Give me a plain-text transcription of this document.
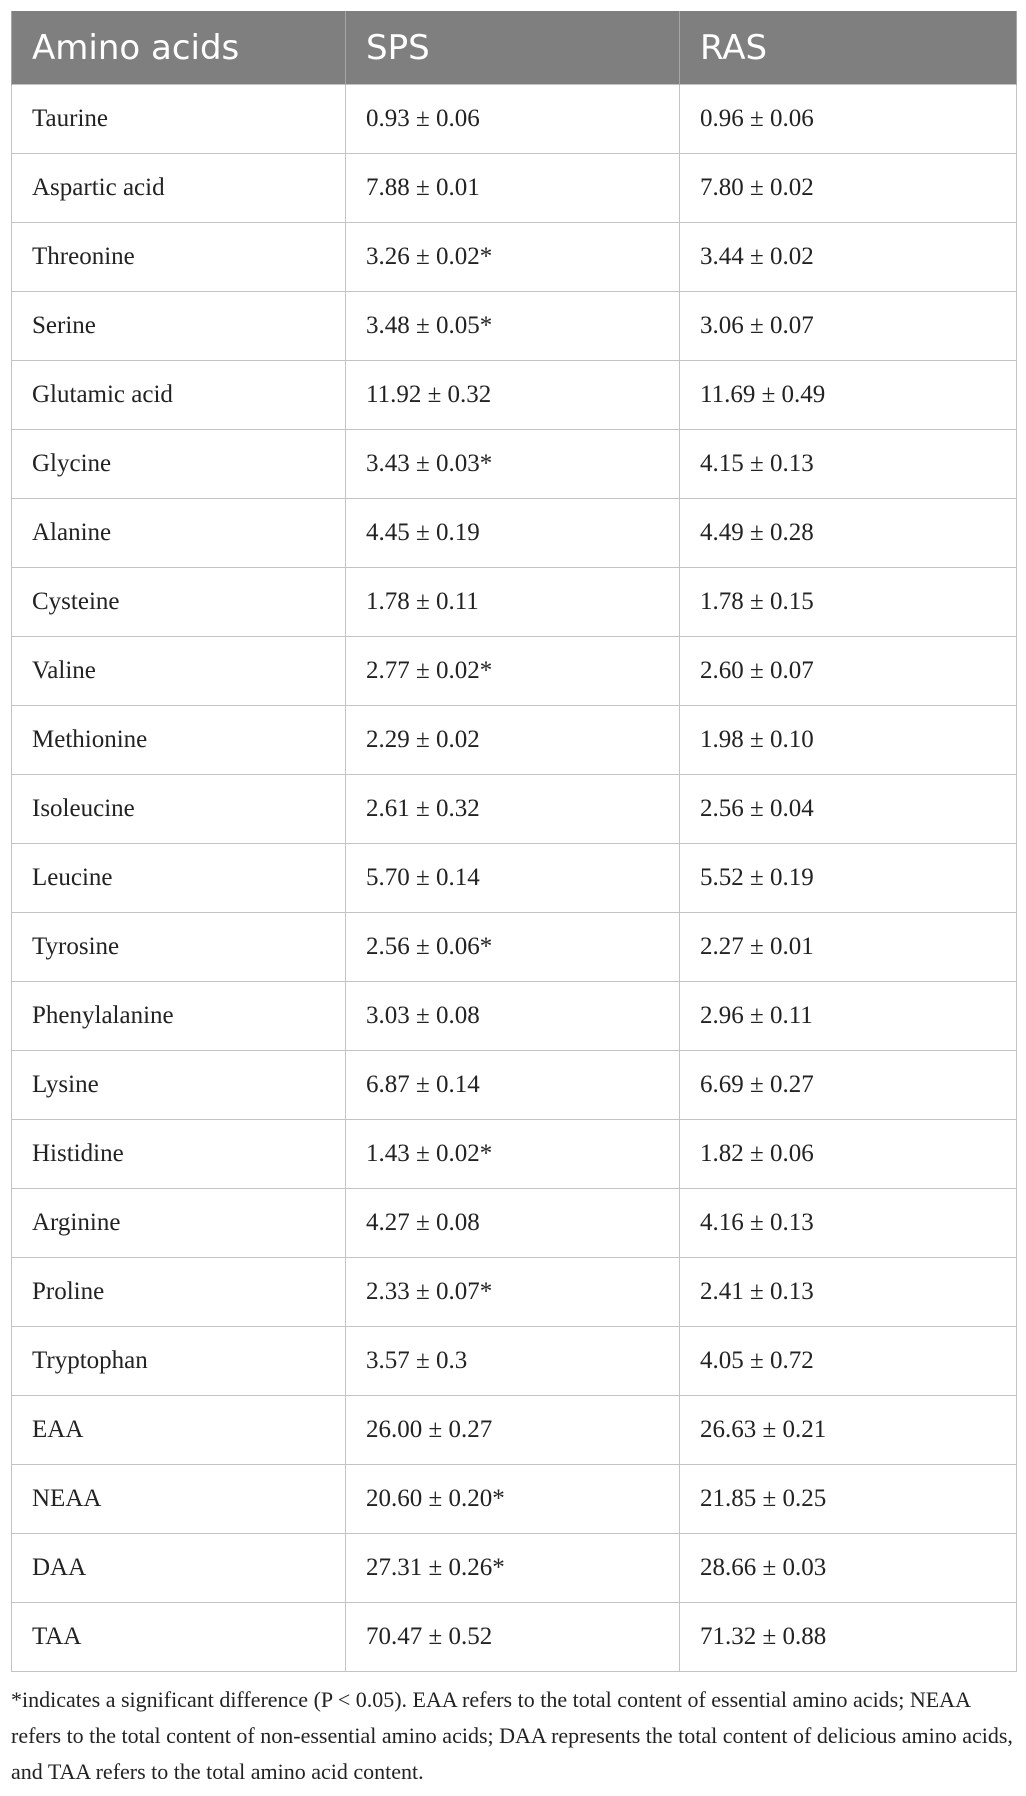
Amino acids	SPS	RAS
Taurine	0.93 ± 0.06	0.96 ± 0.06
Aspartic acid	7.88 ± 0.01	7.80 ± 0.02
Threonine	3.26 ± 0.02*	3.44 ± 0.02
Serine	3.48 ± 0.05*	3.06 ± 0.07
Glutamic acid	11.92 ± 0.32	11.69 ± 0.49
Glycine	3.43 ± 0.03*	4.15 ± 0.13
Alanine	4.45 ± 0.19	4.49 ± 0.28
Cysteine	1.78 ± 0.11	1.78 ± 0.15
Valine	2.77 ± 0.02*	2.60 ± 0.07
Methionine	2.29 ± 0.02	1.98 ± 0.10
Isoleucine	2.61 ± 0.32	2.56 ± 0.04
Leucine	5.70 ± 0.14	5.52 ± 0.19
Tyrosine	2.56 ± 0.06*	2.27 ± 0.01
Phenylalanine	3.03 ± 0.08	2.96 ± 0.11
Lysine	6.87 ± 0.14	6.69 ± 0.27
Histidine	1.43 ± 0.02*	1.82 ± 0.06
Arginine	4.27 ± 0.08	4.16 ± 0.13
Proline	2.33 ± 0.07*	2.41 ± 0.13
Tryptophan	3.57 ± 0.3	4.05 ± 0.72
EAA	26.00 ± 0.27	26.63 ± 0.21
NEAA	20.60 ± 0.20*	21.85 ± 0.25
DAA	27.31 ± 0.26*	28.66 ± 0.03
TAA	70.47 ± 0.52	71.32 ± 0.88
*indicates a significant difference (P < 0.05). EAA refers to the total content of essential amino acids; NEAA refers to the total content of non-essential amino acids; DAA represents the total content of delicious amino acids, and TAA refers to the total amino acid content.
